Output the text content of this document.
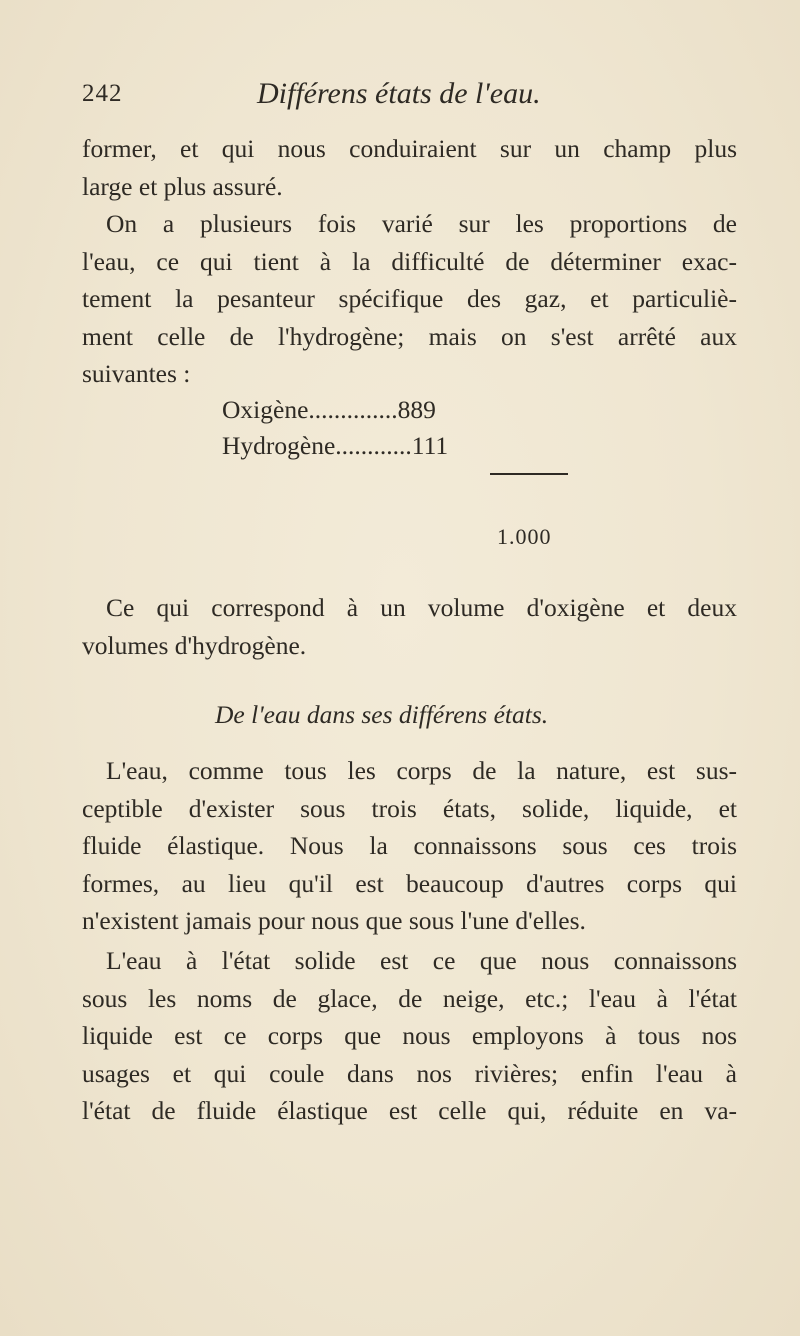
242	Différens états de l'eau.
former, et qui nous conduiraient sur un champ plus
large et plus assuré.
On a plusieurs fois varié sur les proportions de
l'eau, ce qui tient à la difficulté de déterminer exac-
tement la pesanteur spécifique des gaz, et particuliè-
ment celle de l'hydrogène; mais on s'est arrêté aux
suivantes :
Oxigène..............889
Hydrogène............111
1.000
Ce qui correspond à un volume d'oxigène et deux
volumes d'hydrogène.
De l'eau dans ses différens états.
L'eau, comme tous les corps de la nature, est sus-
ceptible d'exister sous trois états, solide, liquide, et
fluide élastique. Nous la connaissons sous ces trois
formes, au lieu qu'il est beaucoup d'autres corps qui
n'existent jamais pour nous que sous l'une d'elles.
L'eau à l'état solide est ce que nous connaissons
sous les noms de glace, de neige, etc.; l'eau à l'état
liquide est ce corps que nous employons à tous nos
usages et qui coule dans nos rivières; enfin l'eau à
l'état de fluide élastique est celle qui, réduite en va-
